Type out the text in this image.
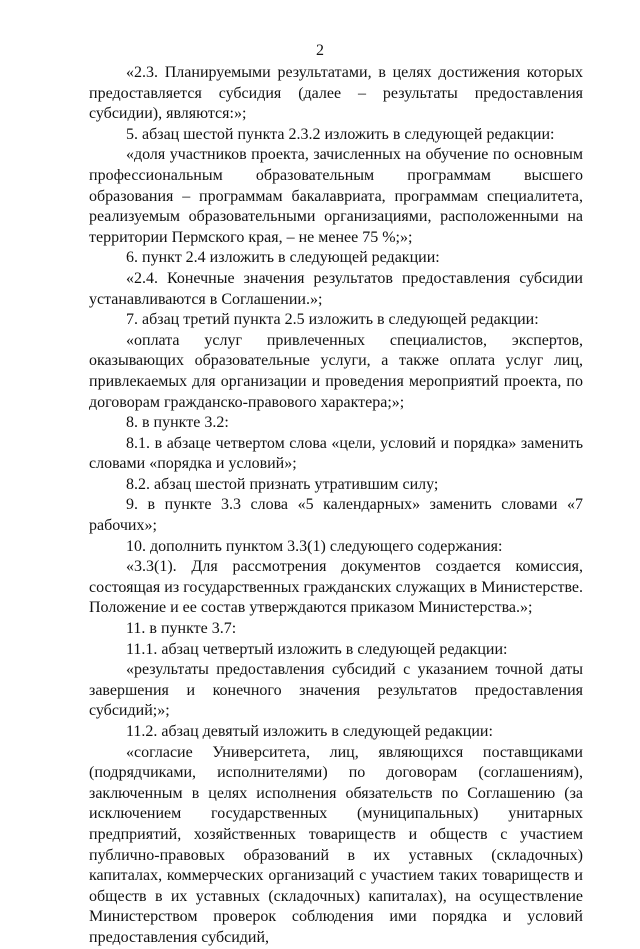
2

«2.3. Планируемыми результатами, в целях достижения которых предоставляется субсидия (далее – результаты предоставления субсидии), являются:»;

5. абзац шестой пункта 2.3.2 изложить в следующей редакции:

«доля участников проекта, зачисленных на обучение по основным профессиональным образовательным программам высшего образования – программам бакалавриата, программам специалитета, реализуемым образовательными организациями, расположенными на территории Пермского края, – не менее 75 %;»;

6. пункт 2.4 изложить в следующей редакции:

«2.4. Конечные значения результатов предоставления субсидии устанавливаются в Соглашении.»;

7. абзац третий пункта 2.5 изложить в следующей редакции:

«оплата услуг привлеченных специалистов, экспертов, оказывающих образовательные услуги, а также оплата услуг лиц, привлекаемых для организации и проведения мероприятий проекта, по договорам гражданско-правового характера;»;

8. в пункте 3.2:

8.1. в абзаце четвертом слова «цели, условий и порядка» заменить словами «порядка и условий»;

8.2. абзац шестой признать утратившим силу;

9. в пункте 3.3 слова «5 календарных» заменить словами «7 рабочих»;

10. дополнить пунктом 3.3(1) следующего содержания:

«3.3(1). Для рассмотрения документов создается комиссия, состоящая из государственных гражданских служащих в Министерстве. Положение и ее состав утверждаются приказом Министерства.»;

11. в пункте 3.7:

11.1. абзац четвертый изложить в следующей редакции:

«результаты предоставления субсидий с указанием точной даты завершения и конечного значения результатов предоставления субсидий;»;

11.2. абзац девятый изложить в следующей редакции:

«согласие Университета, лиц, являющихся поставщиками (подрядчиками, исполнителями) по договорам (соглашениям), заключенным в целях исполнения обязательств по Соглашению (за исключением государственных (муниципальных) унитарных предприятий, хозяйственных товариществ и обществ с участием публично-правовых образований в их уставных (складочных) капиталах, коммерческих организаций с участием таких товариществ и обществ в их уставных (складочных) капиталах), на осуществление Министерством проверок соблюдения ими порядка и условий предоставления субсидий,
